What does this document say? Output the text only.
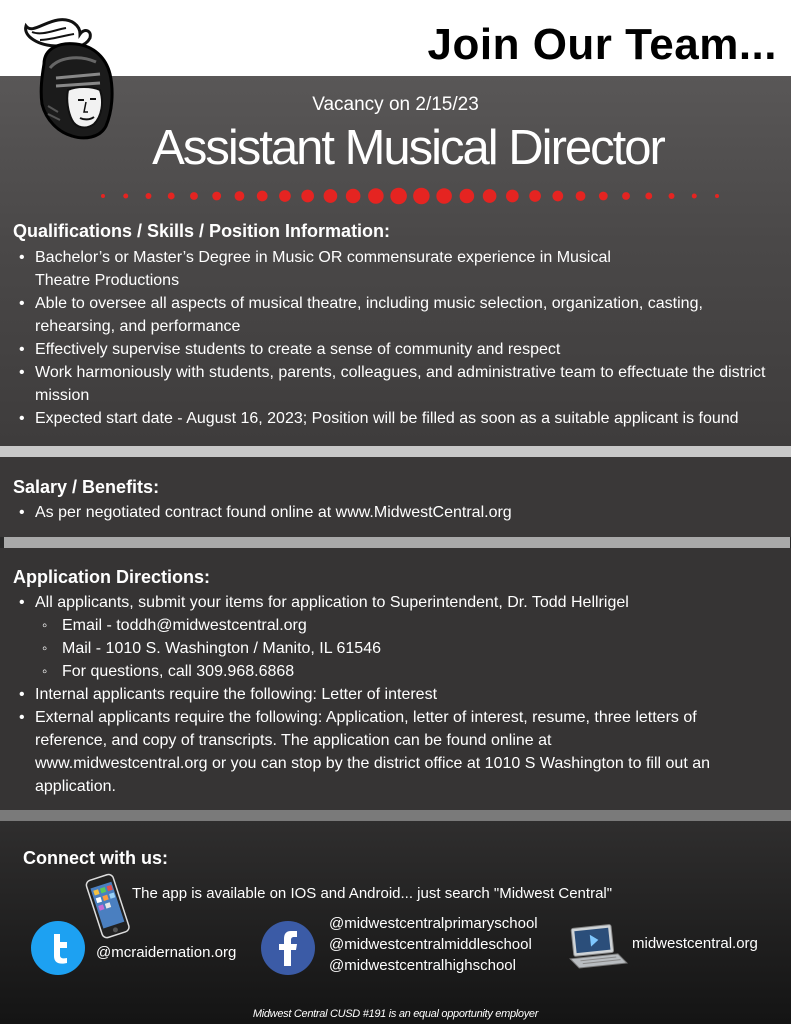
Join Our Team...
Vacancy on 2/15/23
Assistant Musical Director
Qualifications / Skills / Position Information:
• Bachelor’s or Master’s Degree in Music OR commensurate experience in Musical Theatre Productions
• Able to oversee all aspects of musical theatre, including music selection, organization, casting, rehearsing, and performance
• Effectively supervise students to create a sense of community and respect
• Work harmoniously with students, parents, colleagues, and administrative team to effectuate the district mission
• Expected start date - August 16, 2023; Position will be filled as soon as a suitable applicant is found
Salary / Benefits:
• As per negotiated contract found online at www.MidwestCentral.org
Application Directions:
• All applicants, submit your items for application to Superintendent, Dr. Todd Hellrigel
◦ Email - toddh@midwestcentral.org
◦ Mail - 1010 S. Washington / Manito, IL 61546
◦ For questions, call 309.968.6868
• Internal applicants require the following: Letter of interest
• External applicants require the following: Application, letter of interest, resume, three letters of reference, and copy of transcripts. The application can be found online at www.midwestcentral.org or you can stop by the district office at 1010 S Washington to fill out an application.
Connect with us:
The app is available on IOS and Android... just search "Midwest Central"
@mcraidernation.org
@midwestcentralprimaryschool
@midwestcentralmiddleschool
@midwestcentralhighschool
midwestcentral.org
Midwest Central CUSD #191 is an equal opportunity employer
